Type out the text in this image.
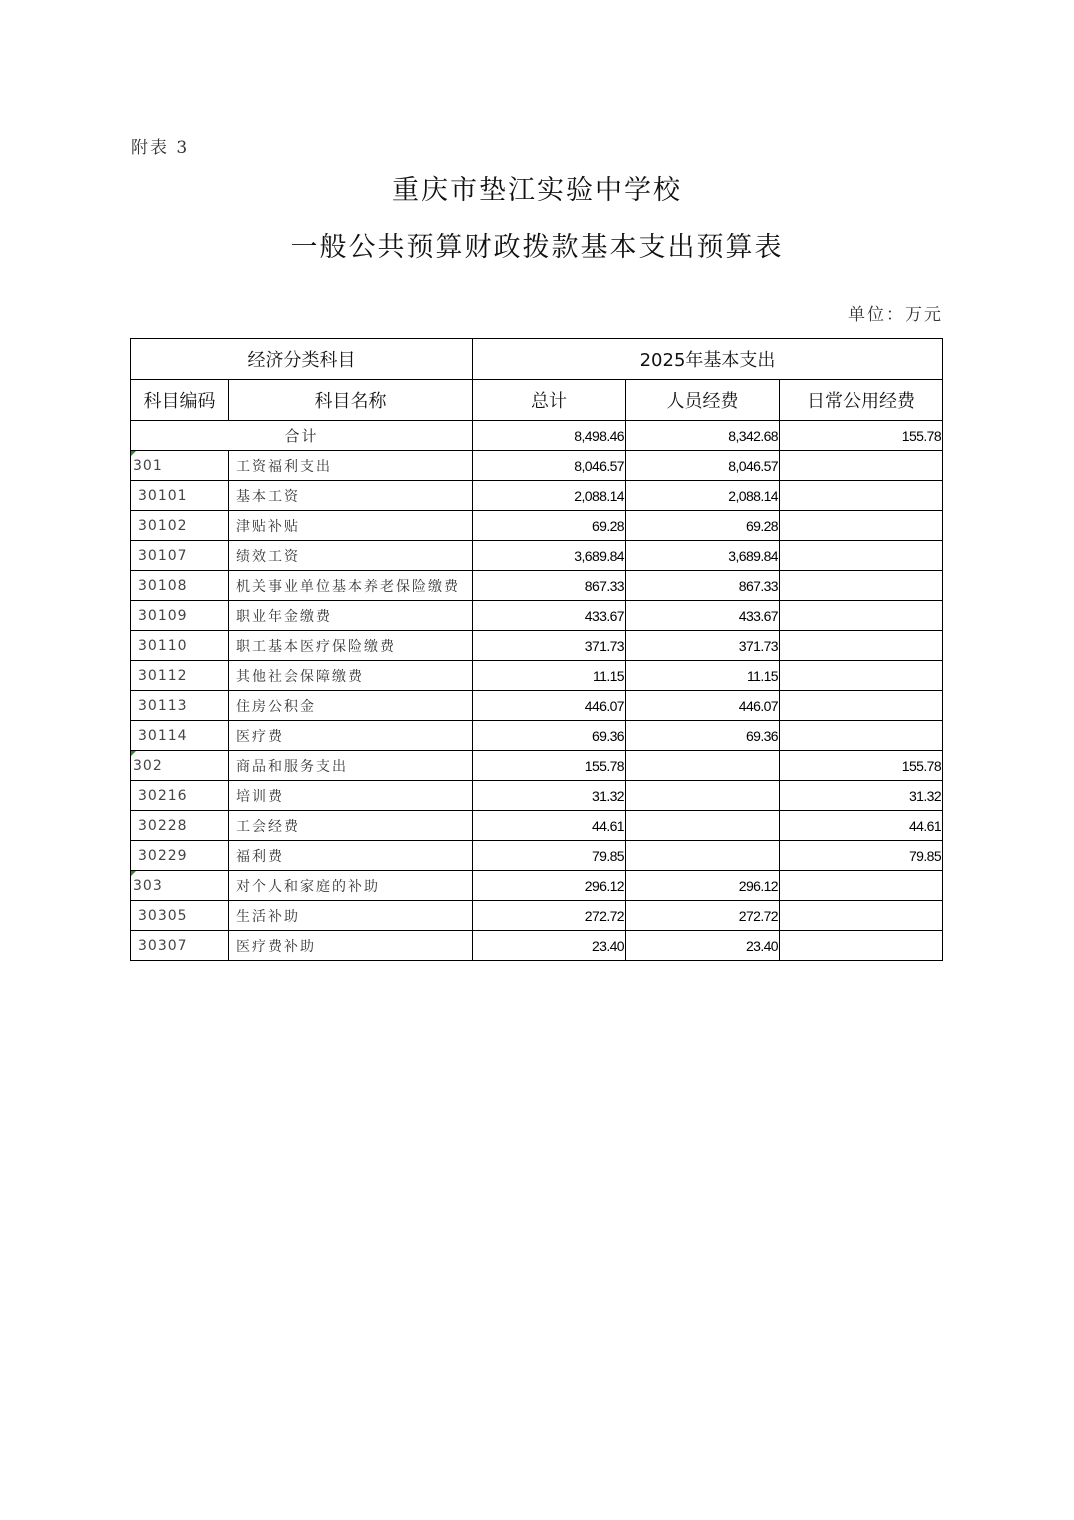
附表 3
重庆市垫江实验中学校
一般公共预算财政拨款基本支出预算表
单位：万元
经济分类科目		2025年基本支出		
科目编码	科目名称	总计	人员经费	日常公用经费
合计		8,498.46	8,342.68	155.78
301	工资福利支出	8,046.57	8,046.57	
30101	基本工资	2,088.14	2,088.14	
30102	津贴补贴	69.28	69.28	
30107	绩效工资	3,689.84	3,689.84	
30108	机关事业单位基本养老保险缴费	867.33	867.33	
30109	职业年金缴费	433.67	433.67	
30110	职工基本医疗保险缴费	371.73	371.73	
30112	其他社会保障缴费	11.15	11.15	
30113	住房公积金	446.07	446.07	
30114	医疗费	69.36	69.36	
302	商品和服务支出	155.78		155.78
30216	培训费	31.32		31.32
30228	工会经费	44.61		44.61
30229	福利费	79.85		79.85
303	对个人和家庭的补助	296.12	296.12	
30305	生活补助	272.72	272.72	
30307	医疗费补助	23.40	23.40	
